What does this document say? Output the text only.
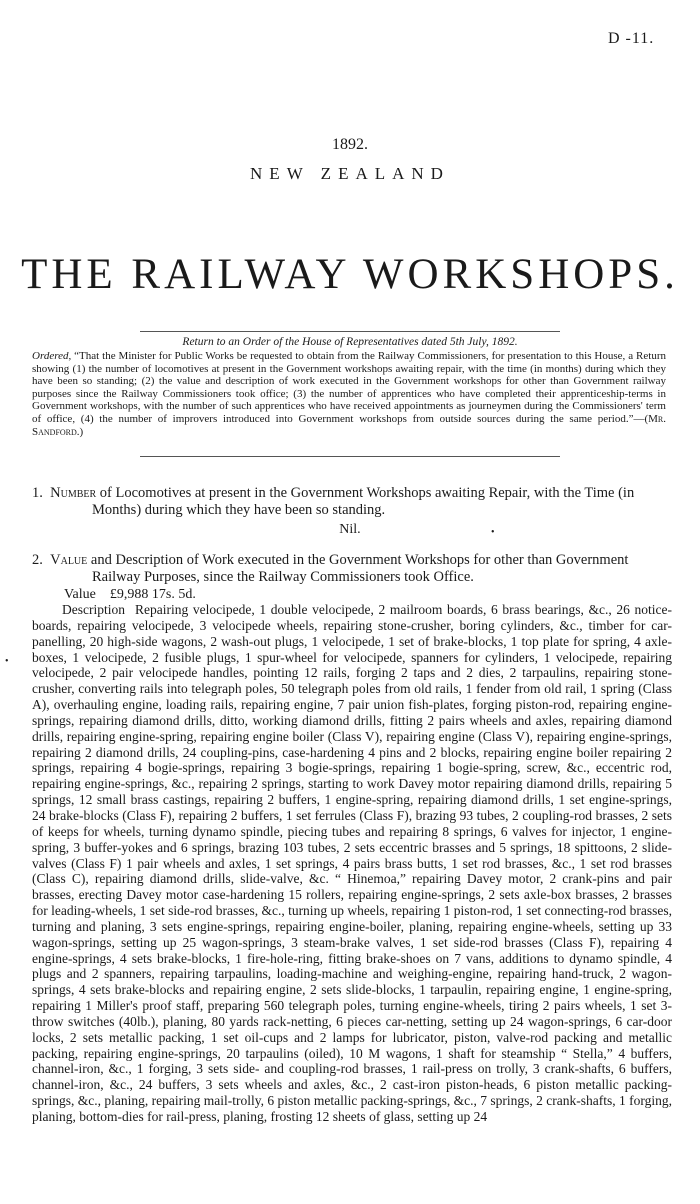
D -11.
1892.
NEW ZEALAND
THE RAILWAY WORKSHOPS.
Return to an Order of the House of Representatives dated 5th July, 1892.
Ordered, “That the Minister for Public Works be requested to obtain from the Railway Commissioners, for presentation to this House, a Return showing (1) the number of locomotives at present in the Government workshops awaiting repair, with the time (in months) during which they have been so standing; (2) the value and description of work executed in the Government workshops for other than Government railway purposes since the Railway Commissioners took office; (3) the number of apprentices who have completed their apprenticeship-terms in Government workshops, with the number of such apprentices who have received appointments as journeymen during the Commissioners' term of office, (4) the number of improvers introduced into Government workshops from outside sources during the same period.”—(Mr. Sandford.)
1. Number of Locomotives at present in the Government Workshops awaiting Repair, with the Time (in Months) during which they have been so standing.
Nil.	•
2. Value and Description of Work executed in the Government Workshops for other than Government Railway Purposes, since the Railway Commissioners took Office.
Value £9,988 17s. 5d.
Description Repairing velocipede, 1 double velocipede, 2 mailroom boards, 6 brass bearings, &c., 26 notice-boards, repairing velocipede, 3 velocipede wheels, repairing stone-crusher, boring cylinders, &c., timber for car-panelling, 20 high-side wagons, 2 wash-out plugs, 1 velocipede, 1 set of brake-blocks, 1 top plate for spring, 4 axle-boxes, 1 velocipede, 2 fusible plugs, 1 spur-wheel for velocipede, spanners for cylinders, 1 velocipede, repairing velocipede, 2 pair velocipede handles, pointing 12 rails, forging 2 taps and 2 dies, 2 tarpaulins, repairing stone-crusher, converting rails into telegraph poles, 50 telegraph poles from old rails, 1 fender from old rail, 1 spring (Class A), overhauling engine, loading rails, repairing engine, 7 pair union fish-plates, forging piston-rod, repairing engine-springs, repairing diamond drills, ditto, working diamond drills, fitting 2 pairs wheels and axles, repairing diamond drills, repairing engine-spring, repairing engine boiler (Class V), repairing engine (Class V), repairing engine-springs, repairing 2 diamond drills, 24 coupling-pins, case-hardening 4 pins and 2 blocks, repairing engine boiler repairing 2 springs, repairing 4 bogie-springs, repairing 3 bogie-springs, repairing 1 bogie-spring, screw, &c., eccentric rod, repairing engine-springs, &c., repairing 2 springs, starting to work Davey motor repairing diamond drills, repairing 5 springs, 12 small brass castings, repairing 2 buffers, 1 engine-spring, repairing diamond drills, 1 set engine-springs, 24 brake-blocks (Class F), repairing 2 buffers, 1 set ferrules (Class F), brazing 93 tubes, 2 coupling-rod brasses, 2 sets of keeps for wheels, turning dynamo spindle, piecing tubes and repairing 8 springs, 6 valves for injector, 1 engine-spring, 3 buffer-yokes and 6 springs, brazing 103 tubes, 2 sets eccentric brasses and 5 springs, 18 spittoons, 2 slide-valves (Class F) 1 pair wheels and axles, 1 set springs, 4 pairs brass butts, 1 set rod brasses, &c., 1 set rod brasses (Class C), repairing diamond drills, slide-valve, &c. “ Hinemoa,” repairing Davey motor, 2 crank-pins and pair brasses, erecting Davey motor case-hardening 15 rollers, repairing engine-springs, 2 sets axle-box brasses, 2 brasses for leading-wheels, 1 set side-rod brasses, &c., turning up wheels, repairing 1 piston-rod, 1 set connecting-rod brasses, turning and planing, 3 sets engine-springs, repairing engine-boiler, planing, repairing engine-wheels, setting up 33 wagon-springs, setting up 25 wagon-springs, 3 steam-brake valves, 1 set side-rod brasses (Class F), repairing 4 engine-springs, 4 sets brake-blocks, 1 fire-hole-ring, fitting brake-shoes on 7 vans, additions to dynamo spindle, 4 plugs and 2 spanners, repairing tarpaulins, loading-machine and weighing-engine, repairing hand-truck, 2 wagon-springs, 4 sets brake-blocks and repairing engine, 2 sets slide-blocks, 1 tarpaulin, repairing engine, 1 engine-spring, repairing 1 Miller's proof staff, preparing 560 telegraph poles, turning engine-wheels, tiring 2 pairs wheels, 1 set 3-throw switches (40lb.), planing, 80 yards rack-netting, 6 pieces car-netting, setting up 24 wagon-springs, 6 car-door locks, 2 sets metallic packing, 1 set oil-cups and 2 lamps for lubricator, piston, valve-rod packing and metallic packing, repairing engine-springs, 20 tarpaulins (oiled), 10 M wagons, 1 shaft for steamship “ Stella,” 4 buffers, channel-iron, &c., 1 forging, 3 sets side- and coupling-rod brasses, 1 rail-press on trolly, 3 crank-shafts, 6 buffers, channel-iron, &c., 24 buffers, 3 sets wheels and axles, &c., 2 cast-iron piston-heads, 6 piston metallic packing-springs, &c., planing, repairing mail-trolly, 6 piston metallic packing-springs, &c., 7 springs, 2 crank-shafts, 1 forging, planing, bottom-dies for rail-press, planing, frosting 12 sheets of glass, setting up 24
•
